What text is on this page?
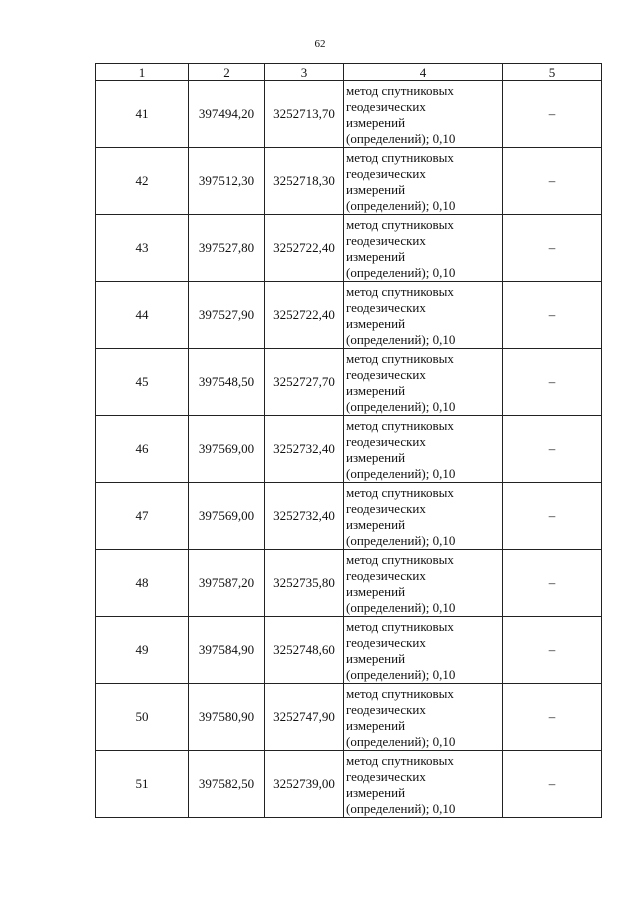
62
1	2	3	4	5
41	397494,20	3252713,70	метод спутниковых
геодезических
измерений
(определений); 0,10	–
42	397512,30	3252718,30	метод спутниковых
геодезических
измерений
(определений); 0,10	–
43	397527,80	3252722,40	метод спутниковых
геодезических
измерений
(определений); 0,10	–
44	397527,90	3252722,40	метод спутниковых
геодезических
измерений
(определений); 0,10	–
45	397548,50	3252727,70	метод спутниковых
геодезических
измерений
(определений); 0,10	–
46	397569,00	3252732,40	метод спутниковых
геодезических
измерений
(определений); 0,10	–
47	397569,00	3252732,40	метод спутниковых
геодезических
измерений
(определений); 0,10	–
48	397587,20	3252735,80	метод спутниковых
геодезических
измерений
(определений); 0,10	–
49	397584,90	3252748,60	метод спутниковых
геодезических
измерений
(определений); 0,10	–
50	397580,90	3252747,90	метод спутниковых
геодезических
измерений
(определений); 0,10	–
51	397582,50	3252739,00	метод спутниковых
геодезических
измерений
(определений); 0,10	–
